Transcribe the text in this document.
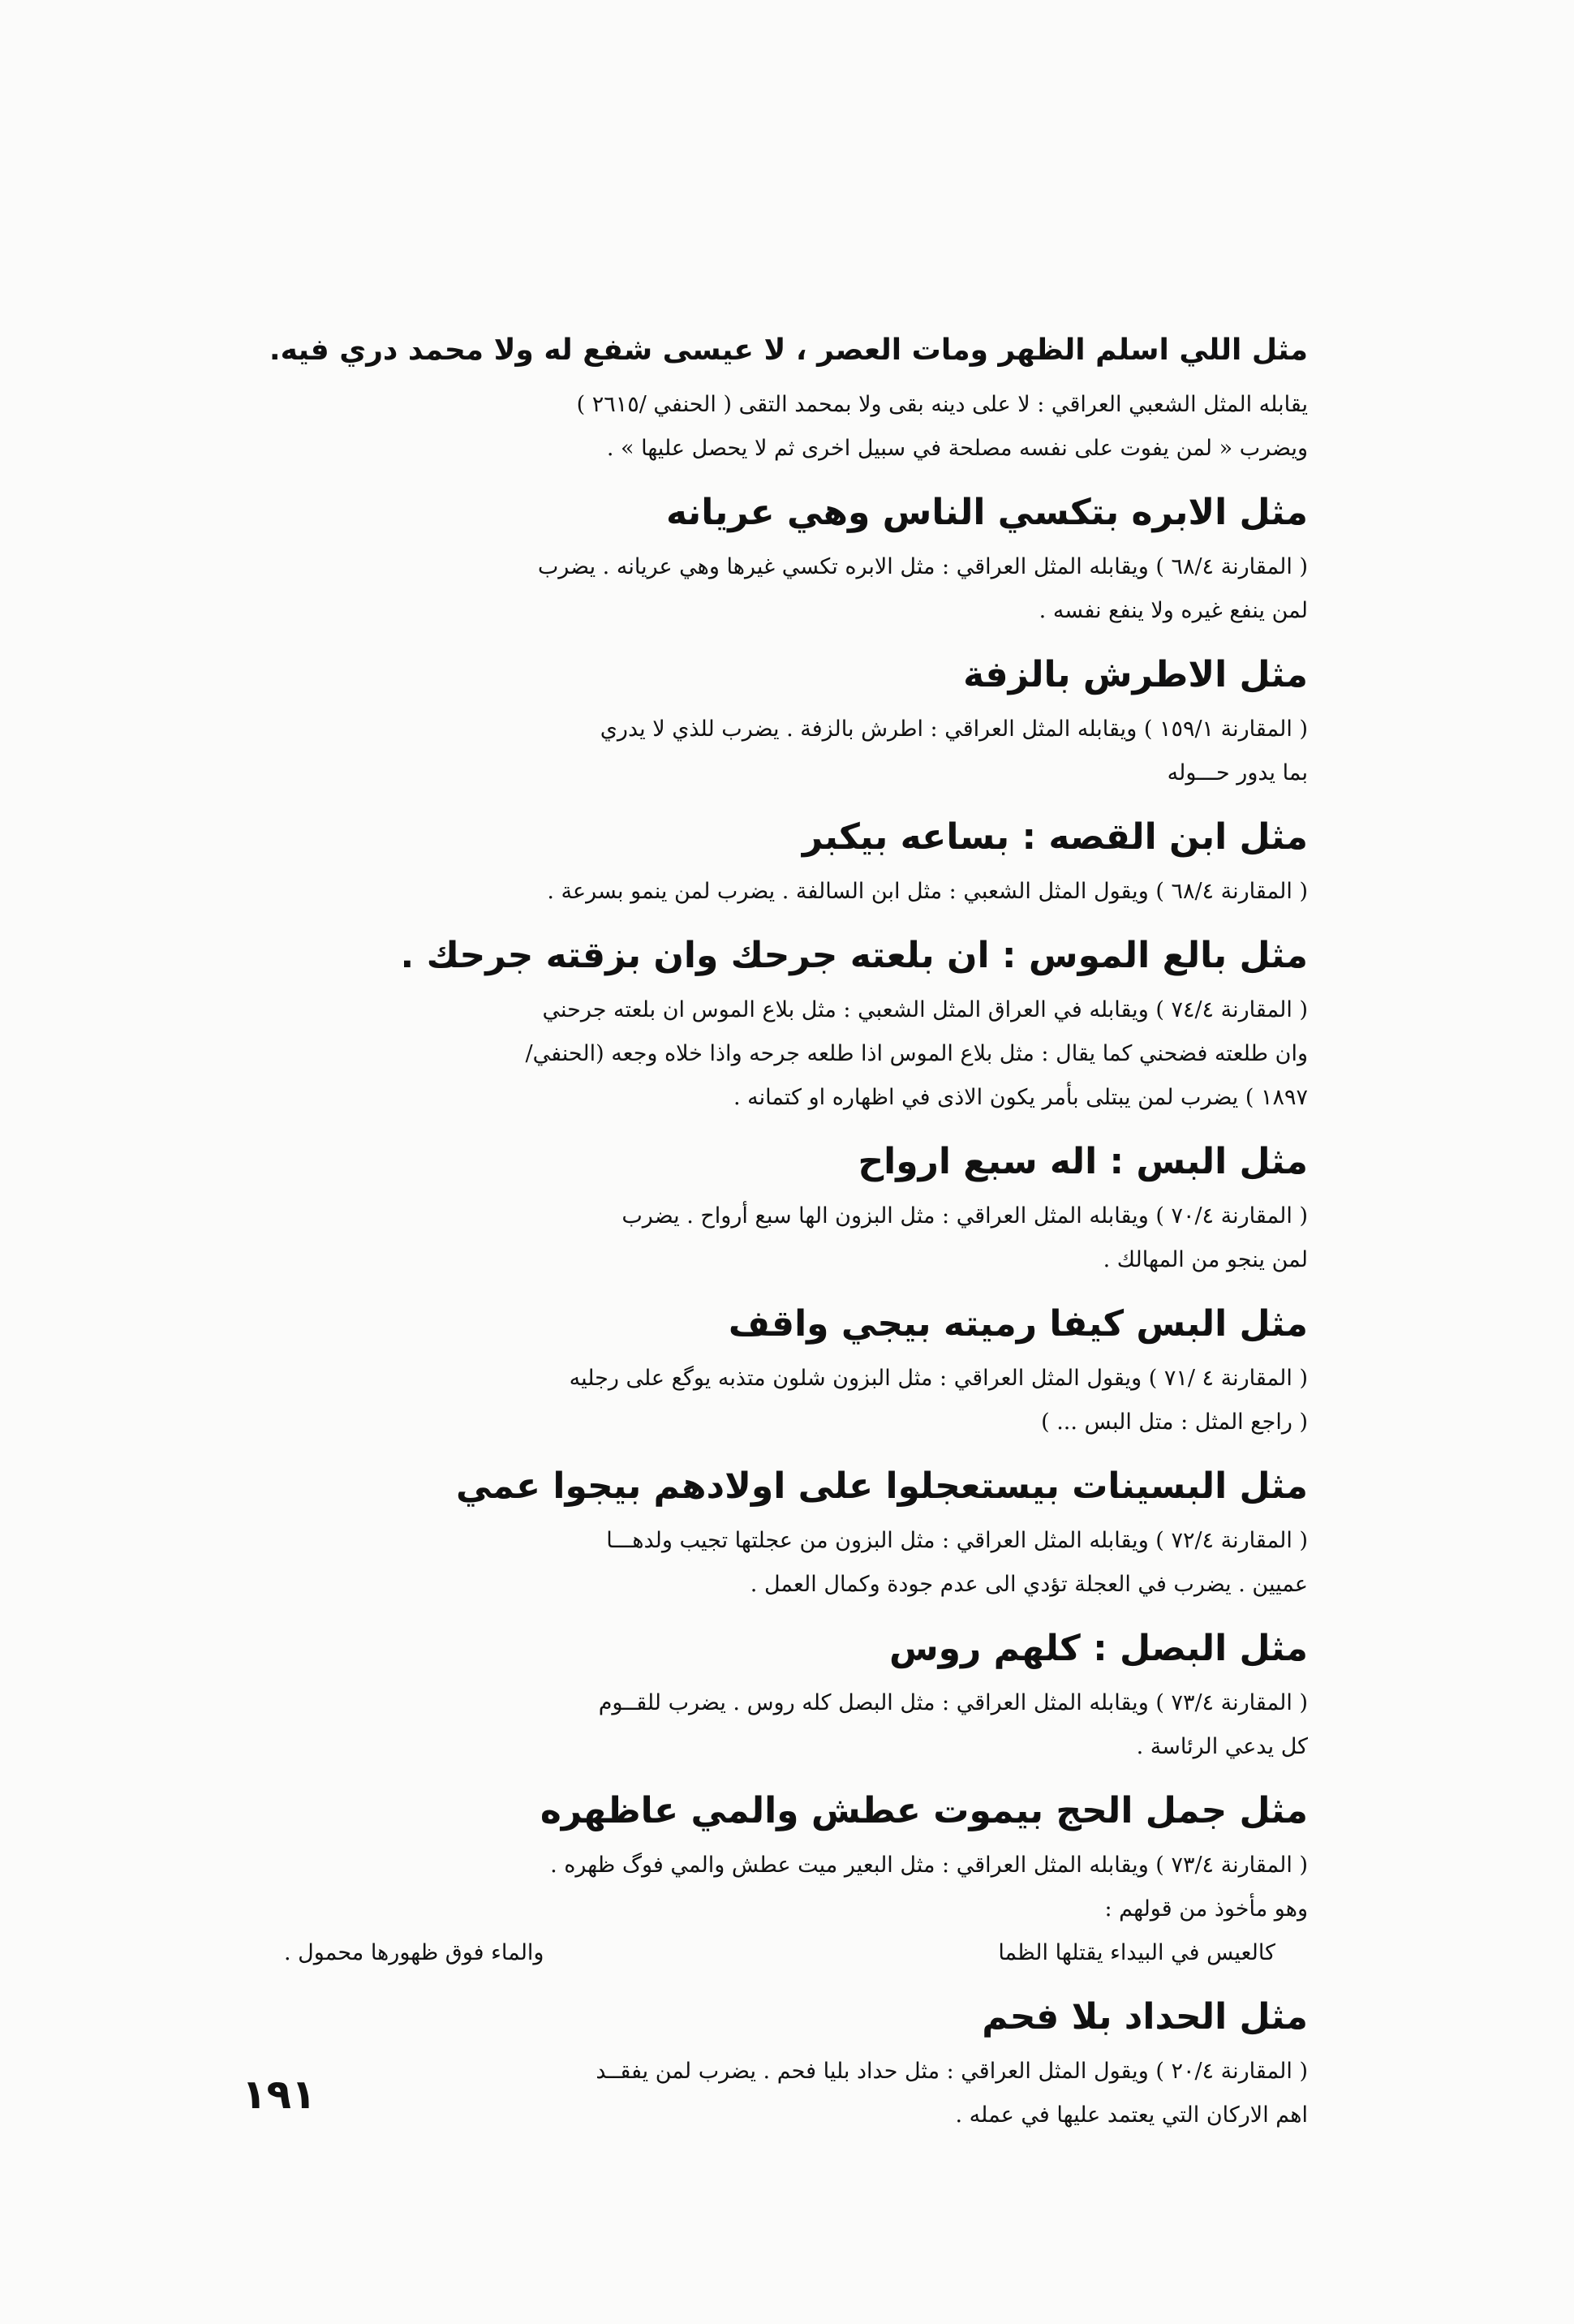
مثل اللي اسلم الظهر ومات العصر ، لا عيسى شفع له ولا محمد دري فيه.
يقابله المثل الشعبي العراقي : لا على دينه بقى ولا بمحمد التقى ( الحنفي /٢٦١٥ )
ويضرب « لمن يفوت على نفسه مصلحة في سبيل اخرى ثم لا يحصل عليها » .
مثل الابره بتكسي الناس وهي عريانه
( المقارنة ٦٨/٤ ) ويقابله المثل العراقي : مثل الابره تكسي غيرها وهي عريانه . يضرب
لمن ينفع غيره ولا ينفع نفسه .
مثل الاطرش بالزفة
( المقارنة ١٥٩/١ ) ويقابله المثل العراقي : اطرش بالزفة . يضرب للذي لا يدري
بما يدور حـــوله
مثل ابن القصه : بساعه بيكبر
( المقارنة ٦٨/٤ ) ويقول المثل الشعبي : مثل ابن السالفة . يضرب لمن ينمو بسرعة .
مثل بالع الموس : ان بلعته جرحك وان بزقته جرحك .
( المقارنة ٧٤/٤ ) ويقابله في العراق المثل الشعبي : مثل بلاع الموس ان بلعته جرحني
وان طلعته فضحني كما يقال : مثل بلاع الموس اذا طلعه جرحه واذا خلاه وجعه (الحنفي/
١٨٩٧ ) يضرب لمن يبتلى بأمر يكون الاذى في اظهاره او كتمانه .
مثل البس : اله سبع ارواح
( المقارنة ٧٠/٤ ) ويقابله المثل العراقي : مثل البزون الها سبع أرواح . يضرب
لمن ينجو من المهالك .
مثل البس كيفا رميته بيجي واقف
( المقارنة ٤ /٧١ ) ويقول المثل العراقي : مثل البزون شلون متذبه يوگع على رجليه
( راجع المثل : متل البس ... )
مثل البسينات بيستعجلوا على اولادهم بيجوا عمي
( المقارنة ٧٢/٤ ) ويقابله المثل العراقي : مثل البزون من عجلتها تجيب ولدهـــا
عميين . يضرب في العجلة تؤدي الى عدم جودة وكمال العمل .
مثل البصل : كلهم روس
( المقارنة ٧٣/٤ ) ويقابله المثل العراقي : مثل البصل كله روس . يضرب للقــوم
كل يدعي الرئاسة .
مثل جمل الحج بيموت عطش والمي عاظهره
( المقارنة ٧٣/٤ ) ويقابله المثل العراقي : مثل البعير ميت عطش والمي فوگ ظهره .
وهو مأخوذ من قولهم :
كالعيس في البيداء يقتلها الظما
والماء فوق ظهورها محمول .
مثل الحداد بلا فحم
( المقارنة ٢٠/٤ ) ويقول المثل العراقي : مثل حداد بليا فحم . يضرب لمن يفقــد
اهم الاركان التي يعتمد عليها في عمله .
١٩١
